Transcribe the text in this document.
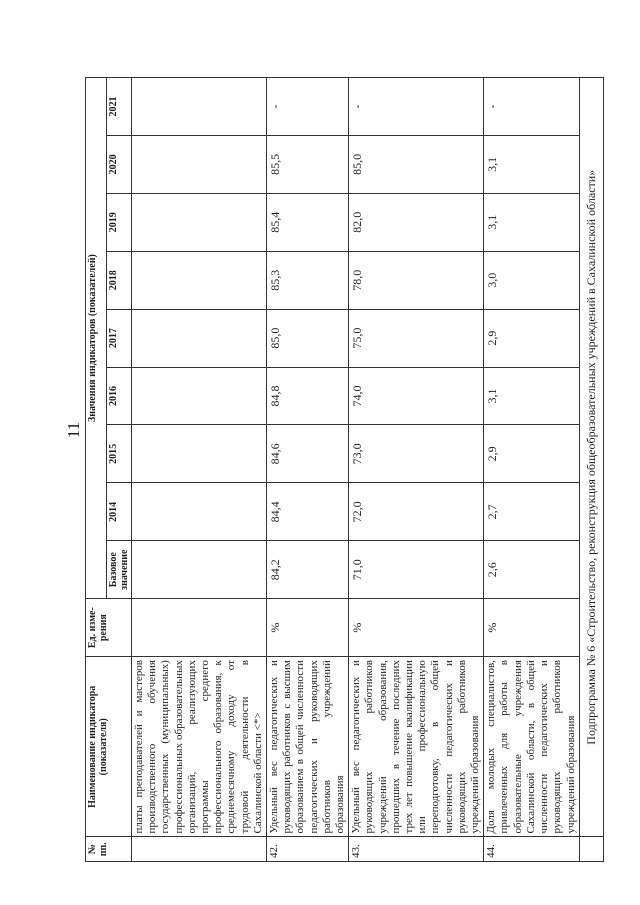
11
№ пп.	Наименование индикатора (показателя)	Ед. изме-рения	Значения индикаторов (показателей)								
			Базовое значение	2014	2015	2016	2017	2018	2019	2020	2021
	платы преподавателей и мастеров производственного обучения государственных (муниципальных) профессиональных образовательных организаций, реализующих программы среднего профессионального образования, к среднемесячному доходу от трудовой деятельности в Сахалинской области <*>										
42.	Удельный вес педагогических и руководящих работников с высшим образованием в общей численности педагогических и руководящих работников учреждений образования	%	84,2	84,4	84,6	84,8	85,0	85,3	85,4	85,5	-
43.	Удельный вес педагогических и руководящих работников учреждений образования, прошедших в течение последних трех лет повышение квалификации или профессиональную переподготовку, в общей численности педагогических и руководящих работников учреждений образования	%	71,0	72,0	73,0	74,0	75,0	78,0	82,0	85,0	-
44.	Доля молодых специалистов, привлеченных для работы в образовательные учреждения Сахалинской области, в общей численности педагогических и руководящих работников учреждений образования	%	2,6	2,7	2,9	3,1	2,9	3,0	3,1	3,1	-
	Подпрограмма № 6 «Строительство, реконструкция общеобразовательных учреждений в Сахалинской области»										
